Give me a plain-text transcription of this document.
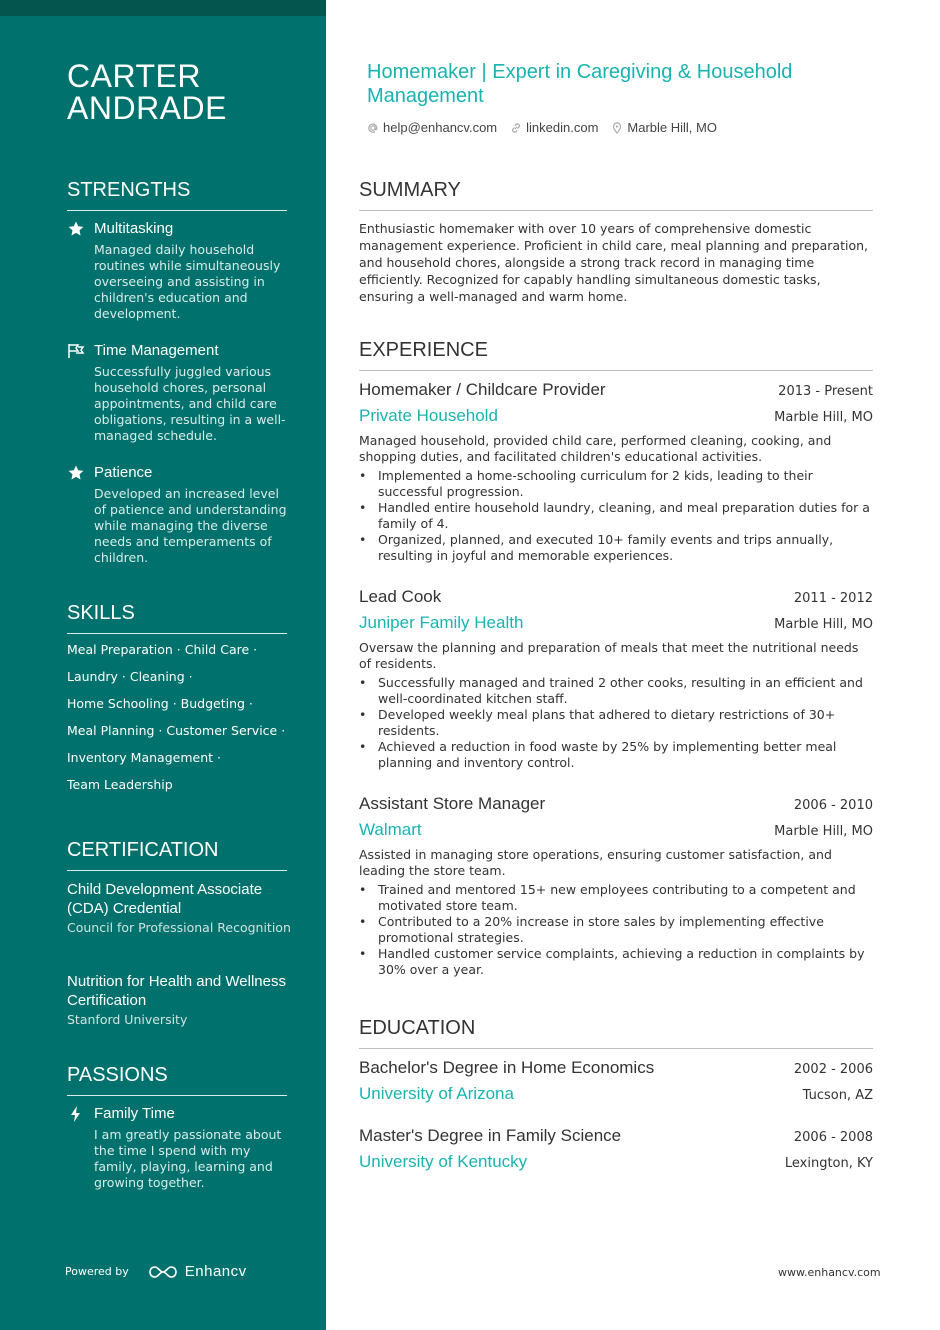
CARTER
ANDRADE
STRENGTHS
Multitasking
Managed daily household routines while simultaneously overseeing and assisting in children's education and development.
Time Management
Successfully juggled various household chores, personal appointments, and child care obligations, resulting in a well-managed schedule.
Patience
Developed an increased level of patience and understanding while managing the diverse needs and temperaments of children.
SKILLS
Meal Preparation · Child Care ·
Laundry · Cleaning ·
Home Schooling · Budgeting ·
Meal Planning · Customer Service ·
Inventory Management ·
Team Leadership
CERTIFICATION
Child Development Associate (CDA) Credential
Council for Professional Recognition
Nutrition for Health and Wellness Certification
Stanford University
PASSIONS
Family Time
I am greatly passionate about the time I spend with my family, playing, learning and growing together.
Powered by	Enhancv
Homemaker | Expert in Caregiving & Household Management
help@enhancv.com linkedin.com Marble Hill, MO
SUMMARY
Enthusiastic homemaker with over 10 years of comprehensive domestic management experience. Proficient in child care, meal planning and preparation, and household chores, alongside a strong track record in managing time efficiently. Recognized for capably handling simultaneous domestic tasks, ensuring a well-managed and warm home.
EXPERIENCE
Homemaker / Childcare Provider	2013 - Present
Private Household	Marble Hill, MO
Managed household, provided child care, performed cleaning, cooking, and shopping duties, and facilitated children's educational activities.
• Implemented a home-schooling curriculum for 2 kids, leading to their successful progression.
• Handled entire household laundry, cleaning, and meal preparation duties for a family of 4.
• Organized, planned, and executed 10+ family events and trips annually, resulting in joyful and memorable experiences.
Lead Cook	2011 - 2012
Juniper Family Health	Marble Hill, MO
Oversaw the planning and preparation of meals that meet the nutritional needs of residents.
• Successfully managed and trained 2 other cooks, resulting in an efficient and well-coordinated kitchen staff.
• Developed weekly meal plans that adhered to dietary restrictions of 30+ residents.
• Achieved a reduction in food waste by 25% by implementing better meal planning and inventory control.
Assistant Store Manager	2006 - 2010
Walmart	Marble Hill, MO
Assisted in managing store operations, ensuring customer satisfaction, and leading the store team.
• Trained and mentored 15+ new employees contributing to a competent and motivated store team.
• Contributed to a 20% increase in store sales by implementing effective promotional strategies.
• Handled customer service complaints, achieving a reduction in complaints by 30% over a year.
EDUCATION
Bachelor's Degree in Home Economics	2002 - 2006
University of Arizona	Tucson, AZ
Master's Degree in Family Science	2006 - 2008
University of Kentucky	Lexington, KY
www.enhancv.com
